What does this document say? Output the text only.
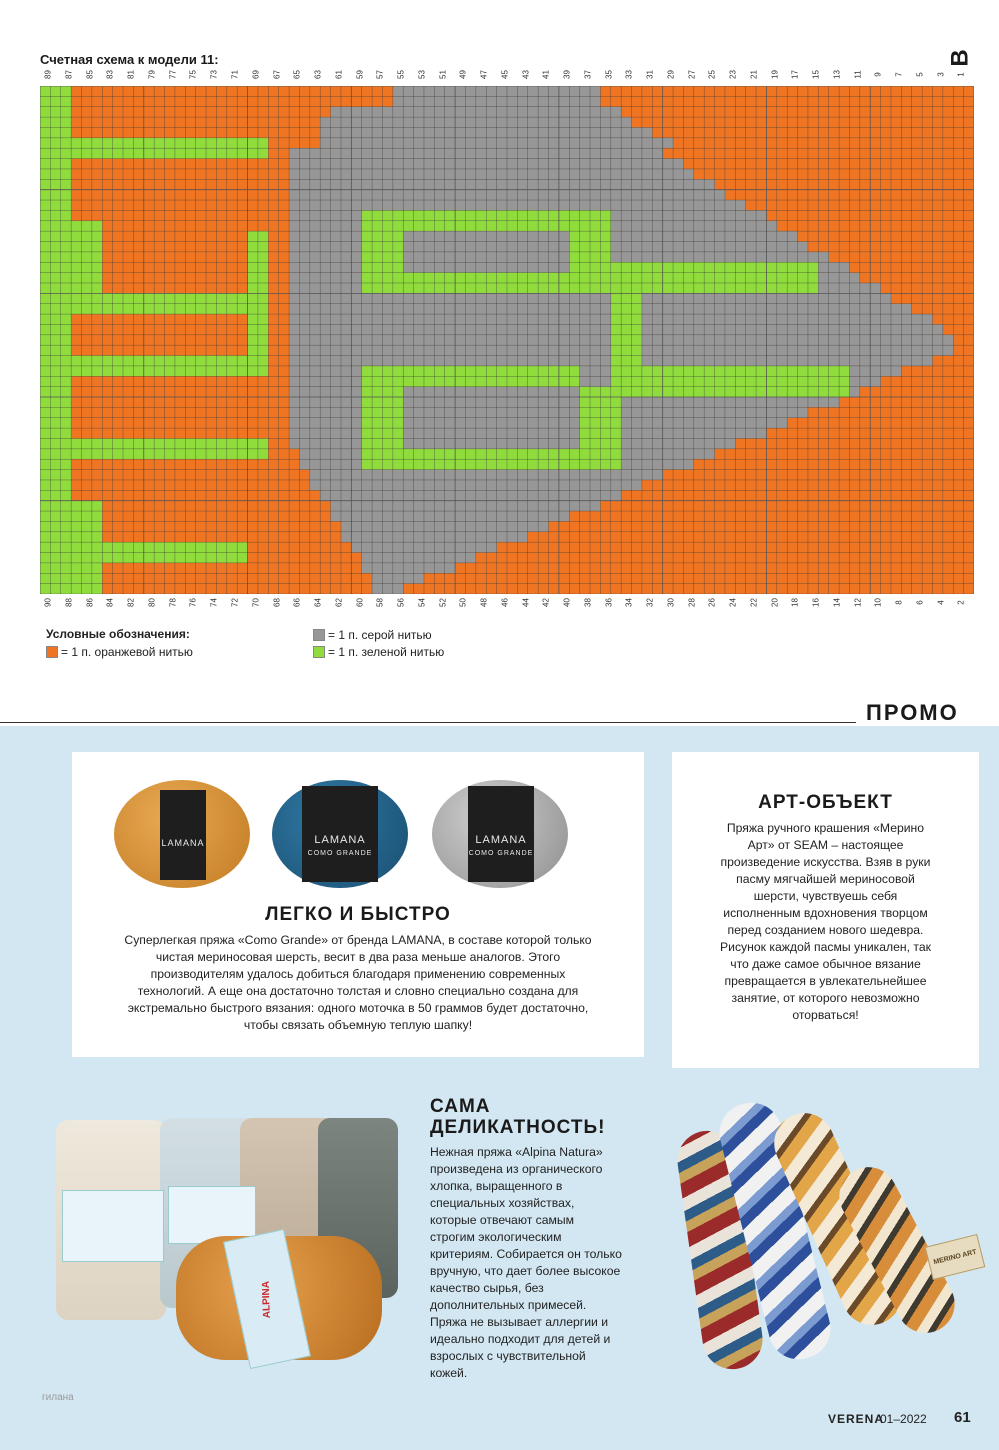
Счетная схема к модели 11:	В
89 87 85 83 81 79 77 75 73 71 69 67 65 63 61 59 57 55 53 51 49 47 45 43 41 39 37 35 33 31 29 27 25 23 21 19 17 15 13 11 9 7 5 3 1
90 88 86 84 82 80 78 76 74 72 70 68 66 64 62 60 58 56 54 52 50 48 46 44 42 40 38 36 34 32 30 28 26 24 22 20 18 16 14 12 10 8 6 4 2
Условные обозначения:
= 1 п. оранжевой нитью
= 1 п. серой нитью
= 1 п. зеленой нитью
ПРОМО
LAMANA	LAMANA
COMO GRANDE
LAMANA
COMO GRANDE
ЛЕГКО И БЫСТРО
Суперлегкая пряжа «Como Grande» от бренда LAMANA, в составе которой только чистая мериносовая шерсть, весит в два раза меньше аналогов. Этого производителям удалось добиться благодаря применению современных технологий. А еще она достаточно толстая и словно специально создана для экстремально быстрого вязания: одного моточка в 50 граммов будет достаточно, чтобы связать объемную теплую шапку!
АРТ-ОБЪЕКТ
Пряжа ручного крашения «Мерино Арт» от SEAM – настоящее произведение искусства. Взяв в руки пасму мягчайшей мериносовой шерсти, чувствуешь себя исполненным вдохновения творцом перед созданием нового шедевра. Рисунок каждой пасмы уникален, так что даже самое обычное вязание превращается в увлекательнейшее занятие, от которого невозможно оторваться!
ALPINA
САМА
ДЕЛИКАТНОСТЬ!
Нежная пряжа «Alpina Natura» произведена из органического хлопка, выращенного в специальных хозяйствах, которые отвечают самым строгим экологическим критериям. Собирается он только вручную, что дает более высокое качество сырья, без дополнительных примесей. Пряжа не вызывает аллергии и идеально подходит для детей и взрослых с чувствительной кожей.
MERINO ART
гилана
VERENA
01–2022 61
